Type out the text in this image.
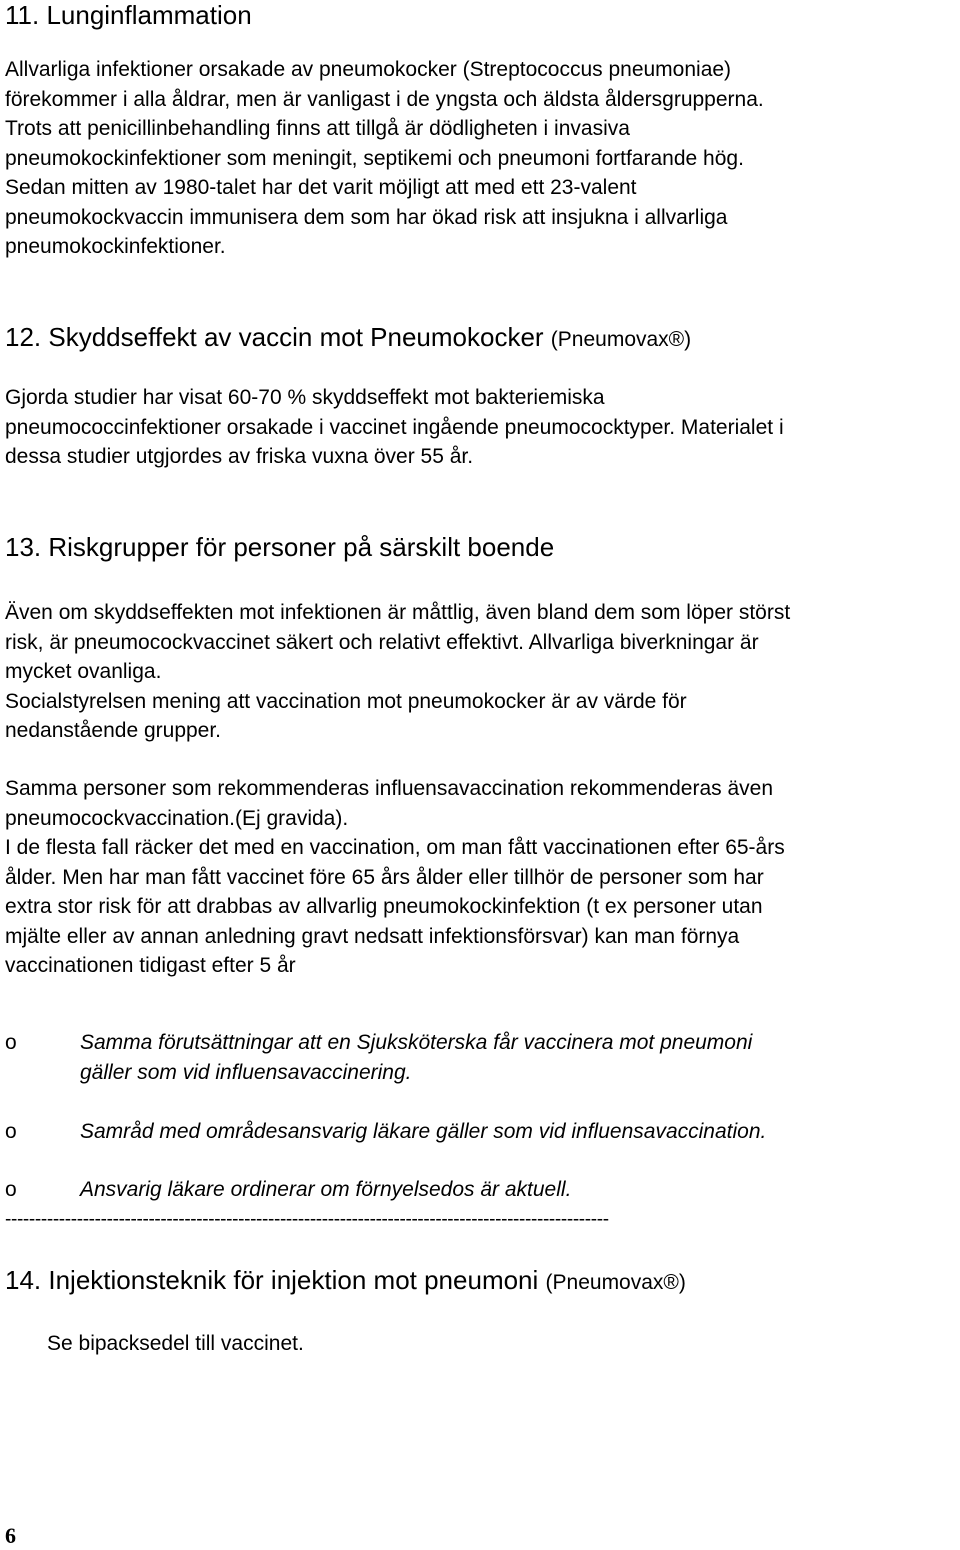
11. Lunginflammation
Allvarliga infektioner orsakade av pneumokocker (Streptococcus pneumoniae)
förekommer i alla åldrar, men är vanligast i de yngsta och äldsta åldersgrupperna.
Trots att penicillinbehandling finns att tillgå är dödligheten i invasiva
pneumokockinfektioner som meningit, septikemi och pneumoni fortfarande hög.
Sedan mitten av 1980-talet har det varit möjligt att med ett 23-valent
pneumokockvaccin immunisera dem som har ökad risk att insjukna i allvarliga
pneumokockinfektioner.
12. Skyddseffekt av vaccin mot Pneumokocker (Pneumovax®)
Gjorda studier har visat 60-70 % skyddseffekt mot bakteriemiska
pneumococcinfektioner orsakade i vaccinet ingående pneumococktyper. Materialet i
dessa studier utgjordes av friska vuxna över 55 år.
13. Riskgrupper för personer på särskilt boende
Även om skyddseffekten mot infektionen är måttlig, även bland dem som löper störst
risk, är pneumocockvaccinet säkert och relativt effektivt. Allvarliga biverkningar är
mycket ovanliga.
Socialstyrelsen mening att vaccination mot pneumokocker är av värde för
nedanstående grupper.
Samma personer som rekommenderas influensavaccination rekommenderas även
pneumocockvaccination.(Ej gravida).
I de flesta fall räcker det med en vaccination, om man fått vaccinationen efter 65-års
ålder. Men har man fått vaccinet före 65 års ålder eller tillhör de personer som har
extra stor risk för att drabbas av allvarlig pneumokockinfektion (t ex personer utan
mjälte eller av annan anledning gravt nedsatt infektionsförsvar) kan man förnya
vaccinationen tidigast efter 5 år
o	Samma förutsättningar att en Sjuksköterska får vaccinera mot pneumoni
gäller som vid influensavaccinering.
o	Samråd med områdesansvarig läkare gäller som vid influensavaccination.
o	Ansvarig läkare ordinerar om förnyelsedos är aktuell.
-----------------------------------------------------------------------------------------------------
14. Injektionsteknik för injektion mot pneumoni (Pneumovax®)
Se bipacksedel till vaccinet.
6
